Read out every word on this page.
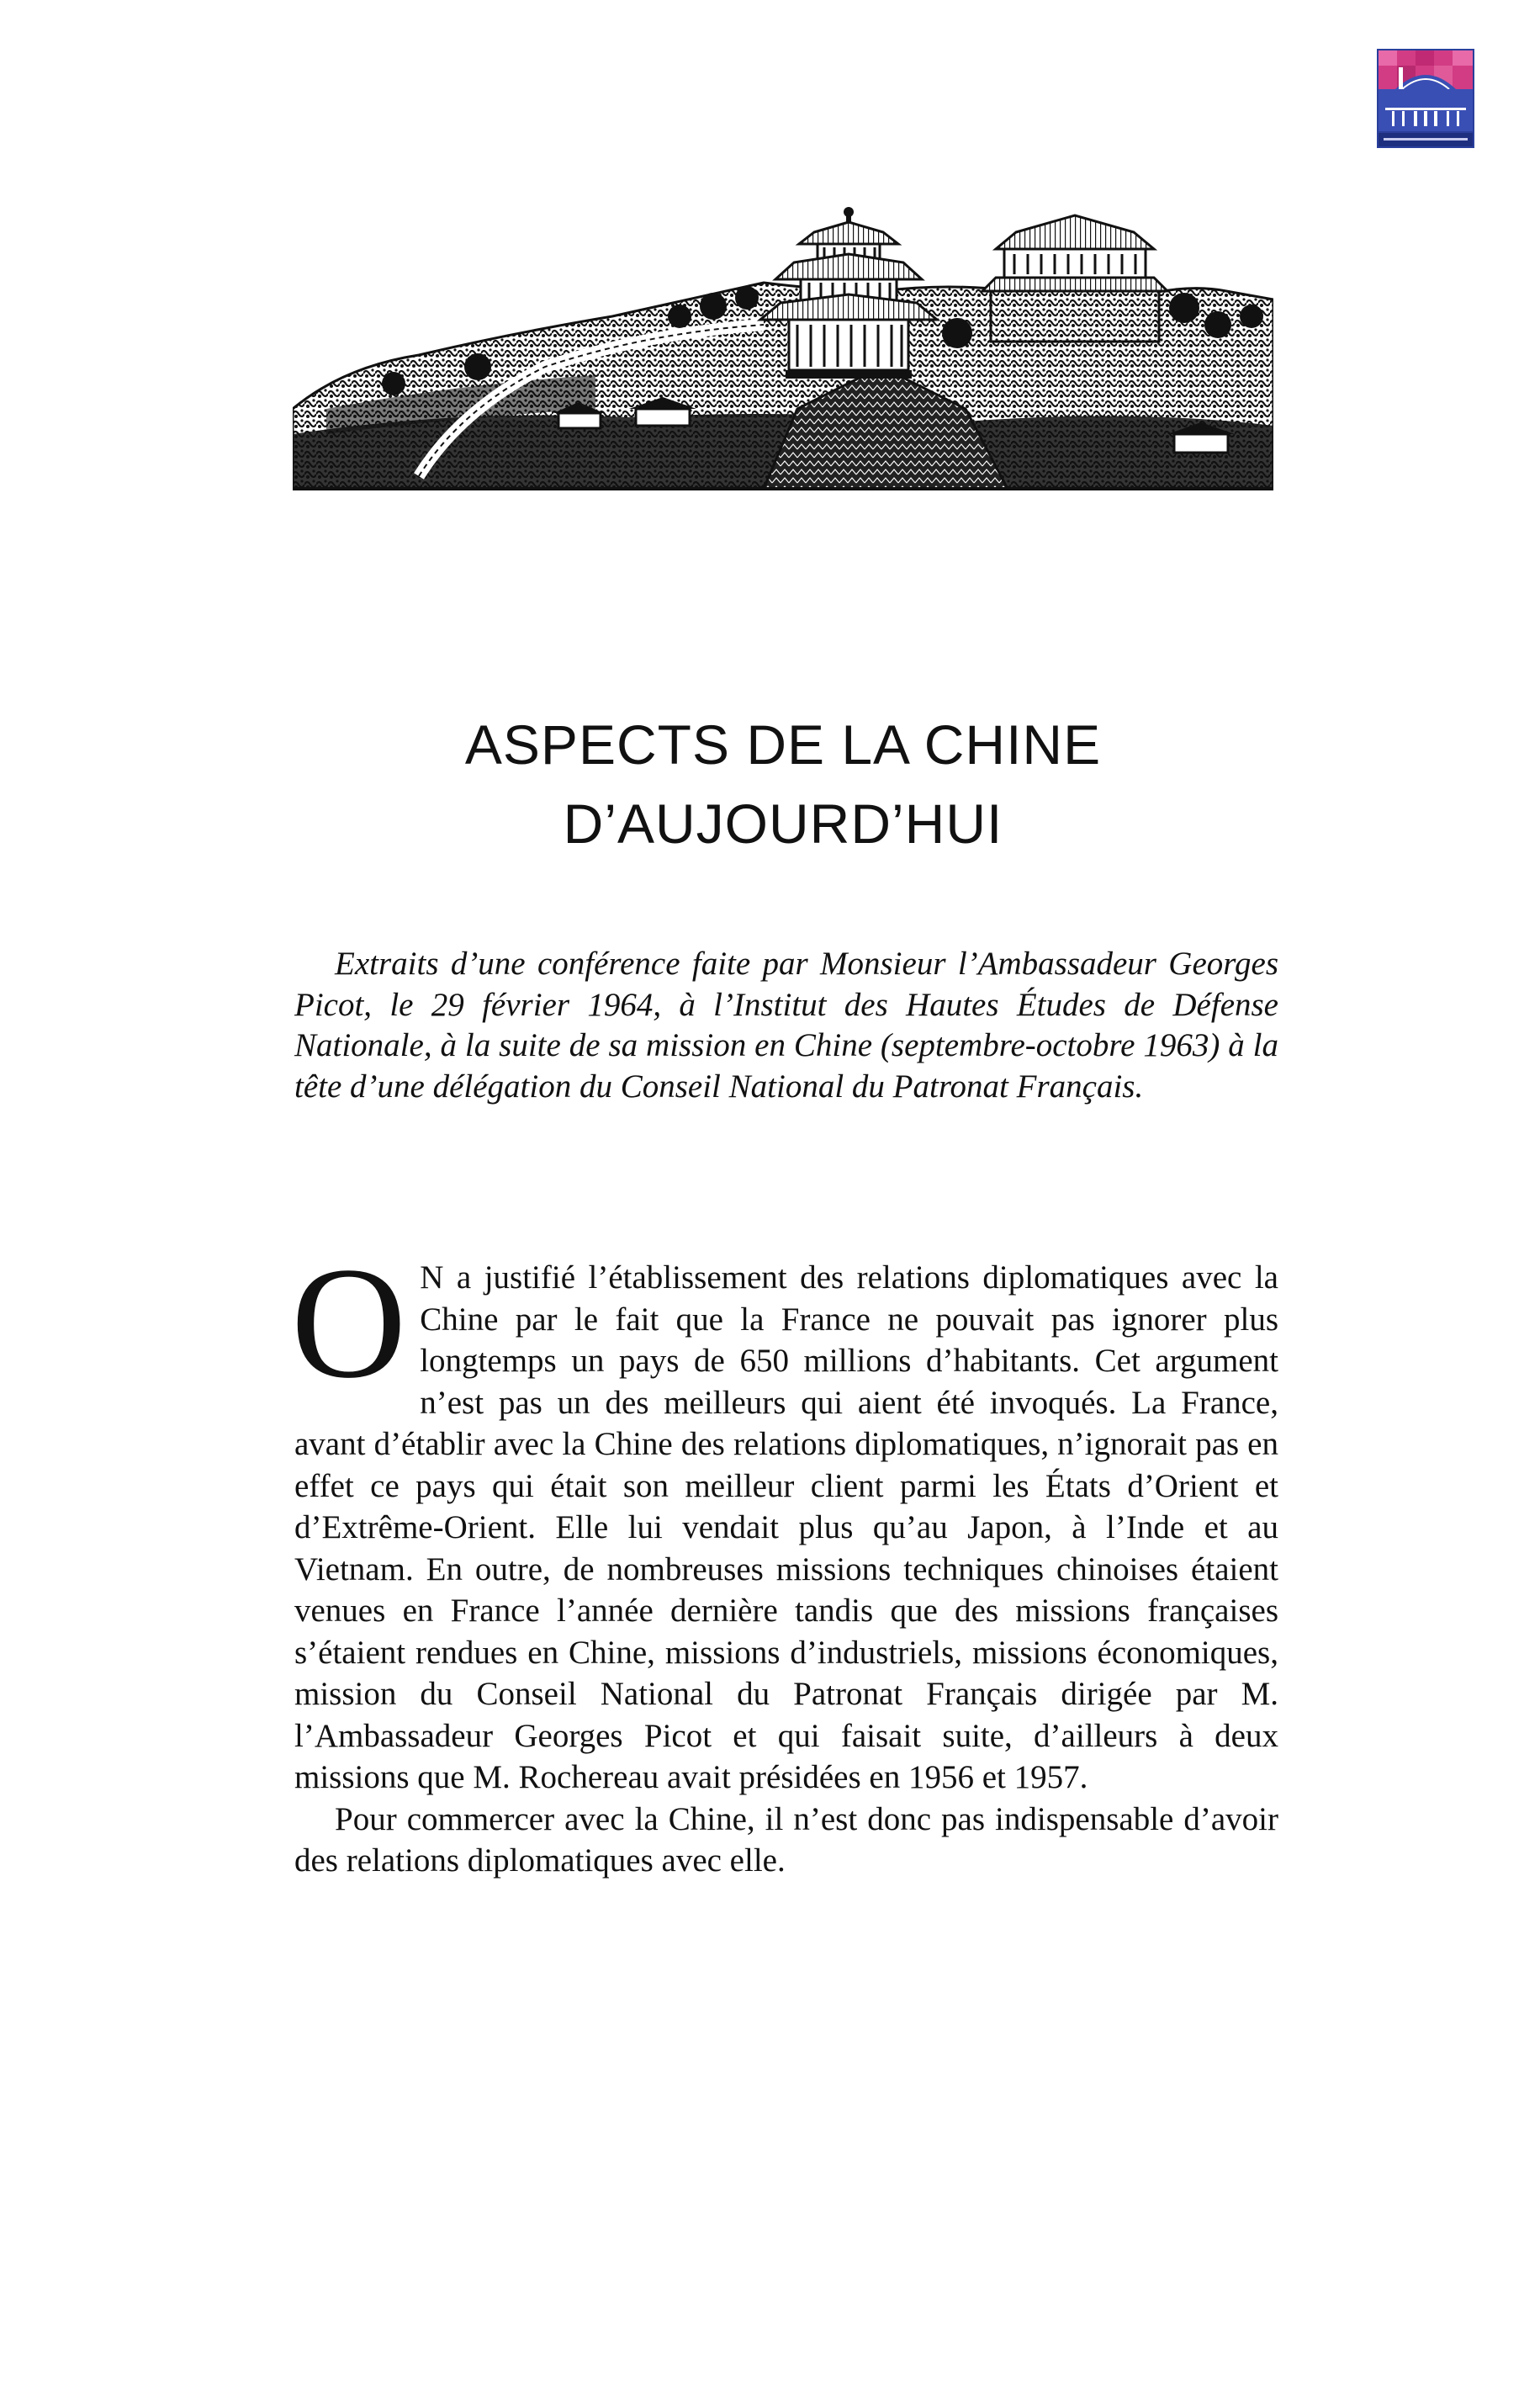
ASPECTS DE LA CHINE
D’AUJOURD’HUI

Extraits d’une conférence faite par Monsieur l’Ambassadeur Georges Picot, le 29 février 1964, à l’Institut des Hautes Études de Défense Nationale, à la suite de sa mission en Chine (septembre-octobre 1963) à la tête d’une délégation du Conseil National du Patronat Français.

O N a justifié l’établissement des relations diplomatiques avec la Chine par le fait que la France ne pouvait pas ignorer plus longtemps un pays de 650 millions d’habitants. Cet argument n’est pas un des meilleurs qui aient été invoqués. La France, avant d’établir avec la Chine des relations diplomatiques, n’ignorait pas en effet ce pays qui était son meilleur client parmi les États d’Orient et d’Extrême-Orient. Elle lui vendait plus qu’au Japon, à l’Inde et au Vietnam. En outre, de nombreuses missions techniques chinoises étaient venues en France l’année dernière tandis que des missions françaises s’étaient rendues en Chine, missions d’industriels, missions économiques, mission du Conseil National du Patronat Français dirigée par M. l’Ambassadeur Georges Picot et qui faisait suite, d’ailleurs à deux missions que M. Rochereau avait présidées en 1956 et 1957.

Pour commercer avec la Chine, il n’est donc pas indispensable d’avoir des relations diplomatiques avec elle.
